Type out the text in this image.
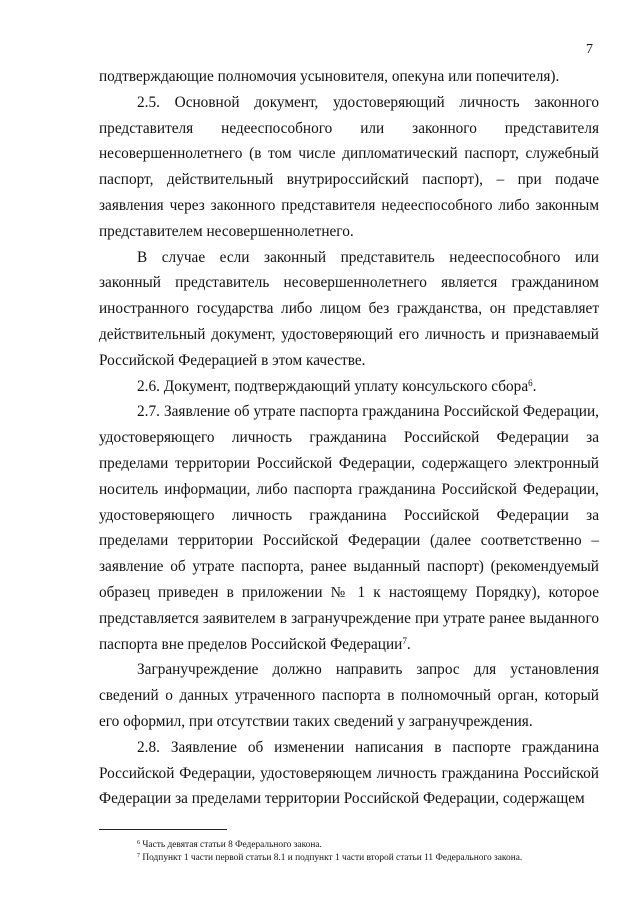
7

подтверждающие полномочия усыновителя, опекуна или попечителя).

2.5. Основной документ, удостоверяющий личность законного представителя недееспособного или законного представителя несовершеннолетнего (в том числе дипломатический паспорт, служебный паспорт, действительный внутрироссийский паспорт), – при подаче заявления через законного представителя недееспособного либо законным представителем несовершеннолетнего.

В случае если законный представитель недееспособного или законный представитель несовершеннолетнего является гражданином иностранного государства либо лицом без гражданства, он представляет действительный документ, удостоверяющий его личность и признаваемый Российской Федерацией в этом качестве.

2.6. Документ, подтверждающий уплату консульского сбора$^6$.

2.7. Заявление об утрате паспорта гражданина Российской Федерации, удостоверяющего личность гражданина Российской Федерации за пределами территории Российской Федерации, содержащего электронный носитель информации, либо паспорта гражданина Российской Федерации, удостоверяющего личность гражданина Российской Федерации за пределами территории Российской Федерации (далее соответственно – заявление об утрате паспорта, ранее выданный паспорт) (рекомендуемый образец приведен в приложении № 1 к настоящему Порядку), которое представляется заявителем в загранучреждение при утрате ранее выданного паспорта вне пределов Российской Федерации$^7$.

Загранучреждение должно направить запрос для установления сведений о данных утраченного паспорта в полномочный орган, который его оформил, при отсутствии таких сведений у загранучреждения.

2.8. Заявление об изменении написания в паспорте гражданина Российской Федерации, удостоверяющем личность гражданина Российской Федерации за пределами территории Российской Федерации, содержащем

$^6$ Часть девятая статьи 8 Федерального закона.
$^7$ Подпункт 1 части первой статьи 8.1 и подпункт 1 части второй статьи 11 Федерального закона.
